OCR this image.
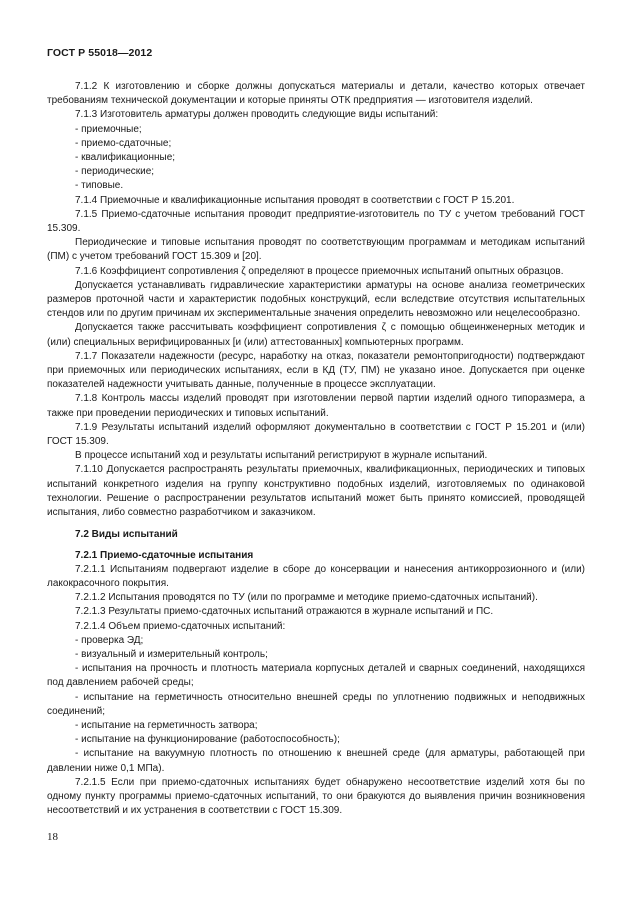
ГОСТ Р 55018—2012

7.1.2 К изготовлению и сборке должны допускаться материалы и детали, качество которых отвечает требованиям технической документации и которые приняты ОТК предприятия — изготовителя изделий.

7.1.3 Изготовитель арматуры должен проводить следующие виды испытаний:

- приемочные;

- приемо-сдаточные;

- квалификационные;

- периодические;

- типовые.

7.1.4 Приемочные и квалификационные испытания проводят в соответствии с ГОСТ Р 15.201.

7.1.5 Приемо-сдаточные испытания проводит предприятие-изготовитель по ТУ с учетом требований ГОСТ 15.309.

Периодические и типовые испытания проводят по соответствующим программам и методикам испытаний (ПМ) с учетом требований ГОСТ 15.309 и [20].

7.1.6 Коэффициент сопротивления ζ определяют в процессе приемочных испытаний опытных образцов.

Допускается устанавливать гидравлические характеристики арматуры на основе анализа геометрических размеров проточной части и характеристик подобных конструкций, если вследствие отсутствия испытательных стендов или по другим причинам их экспериментальные значения определить невозможно или нецелесообразно.

Допускается также рассчитывать коэффициент сопротивления ζ с помощью общеинженерных методик и (или) специальных верифицированных [и (или) аттестованных] компьютерных программ.

7.1.7 Показатели надежности (ресурс, наработку на отказ, показатели ремонтопригодности) подтверждают при приемочных или периодических испытаниях, если в КД (ТУ, ПМ) не указано иное. Допускается при оценке показателей надежности учитывать данные, полученные в процессе эксплуатации.

7.1.8 Контроль массы изделий проводят при изготовлении первой партии изделий одного типоразмера, а также при проведении периодических и типовых испытаний.

7.1.9 Результаты испытаний изделий оформляют документально в соответствии с ГОСТ Р 15.201 и (или) ГОСТ 15.309.

В процессе испытаний ход и результаты испытаний регистрируют в журнале испытаний.

7.1.10 Допускается распространять результаты приемочных, квалификационных, периодических и типовых испытаний конкретного изделия на группу конструктивно подобных изделий, изготовляемых по одинаковой технологии. Решение о распространении результатов испытаний может быть принято комиссией, проводящей испытания, либо совместно разработчиком и заказчиком.

7.2 Виды испытаний

7.2.1 Приемо-сдаточные испытания

7.2.1.1 Испытаниям подвергают изделие в сборе до консервации и нанесения антикоррозионного и (или) лакокрасочного покрытия.

7.2.1.2 Испытания проводятся по ТУ (или по программе и методике приемо-сдаточных испытаний).

7.2.1.3 Результаты приемо-сдаточных испытаний отражаются в журнале испытаний и ПС.

7.2.1.4 Объем приемо-сдаточных испытаний:

- проверка ЭД;

- визуальный и измерительный контроль;

- испытания на прочность и плотность материала корпусных деталей и сварных соединений, находящихся под давлением рабочей среды;

- испытание на герметичность относительно внешней среды по уплотнению подвижных и неподвижных соединений;

- испытание на герметичность затвора;

- испытание на функционирование (работоспособность);

- испытание на вакуумную плотность по отношению к внешней среде (для арматуры, работающей при давлении ниже 0,1 МПа).

7.2.1.5 Если при приемо-сдаточных испытаниях будет обнаружено несоответствие изделий хотя бы по одному пункту программы приемо-сдаточных испытаний, то они бракуются до выявления причин возникновения несоответствий и их устранения в соответствии с ГОСТ 15.309.

18
